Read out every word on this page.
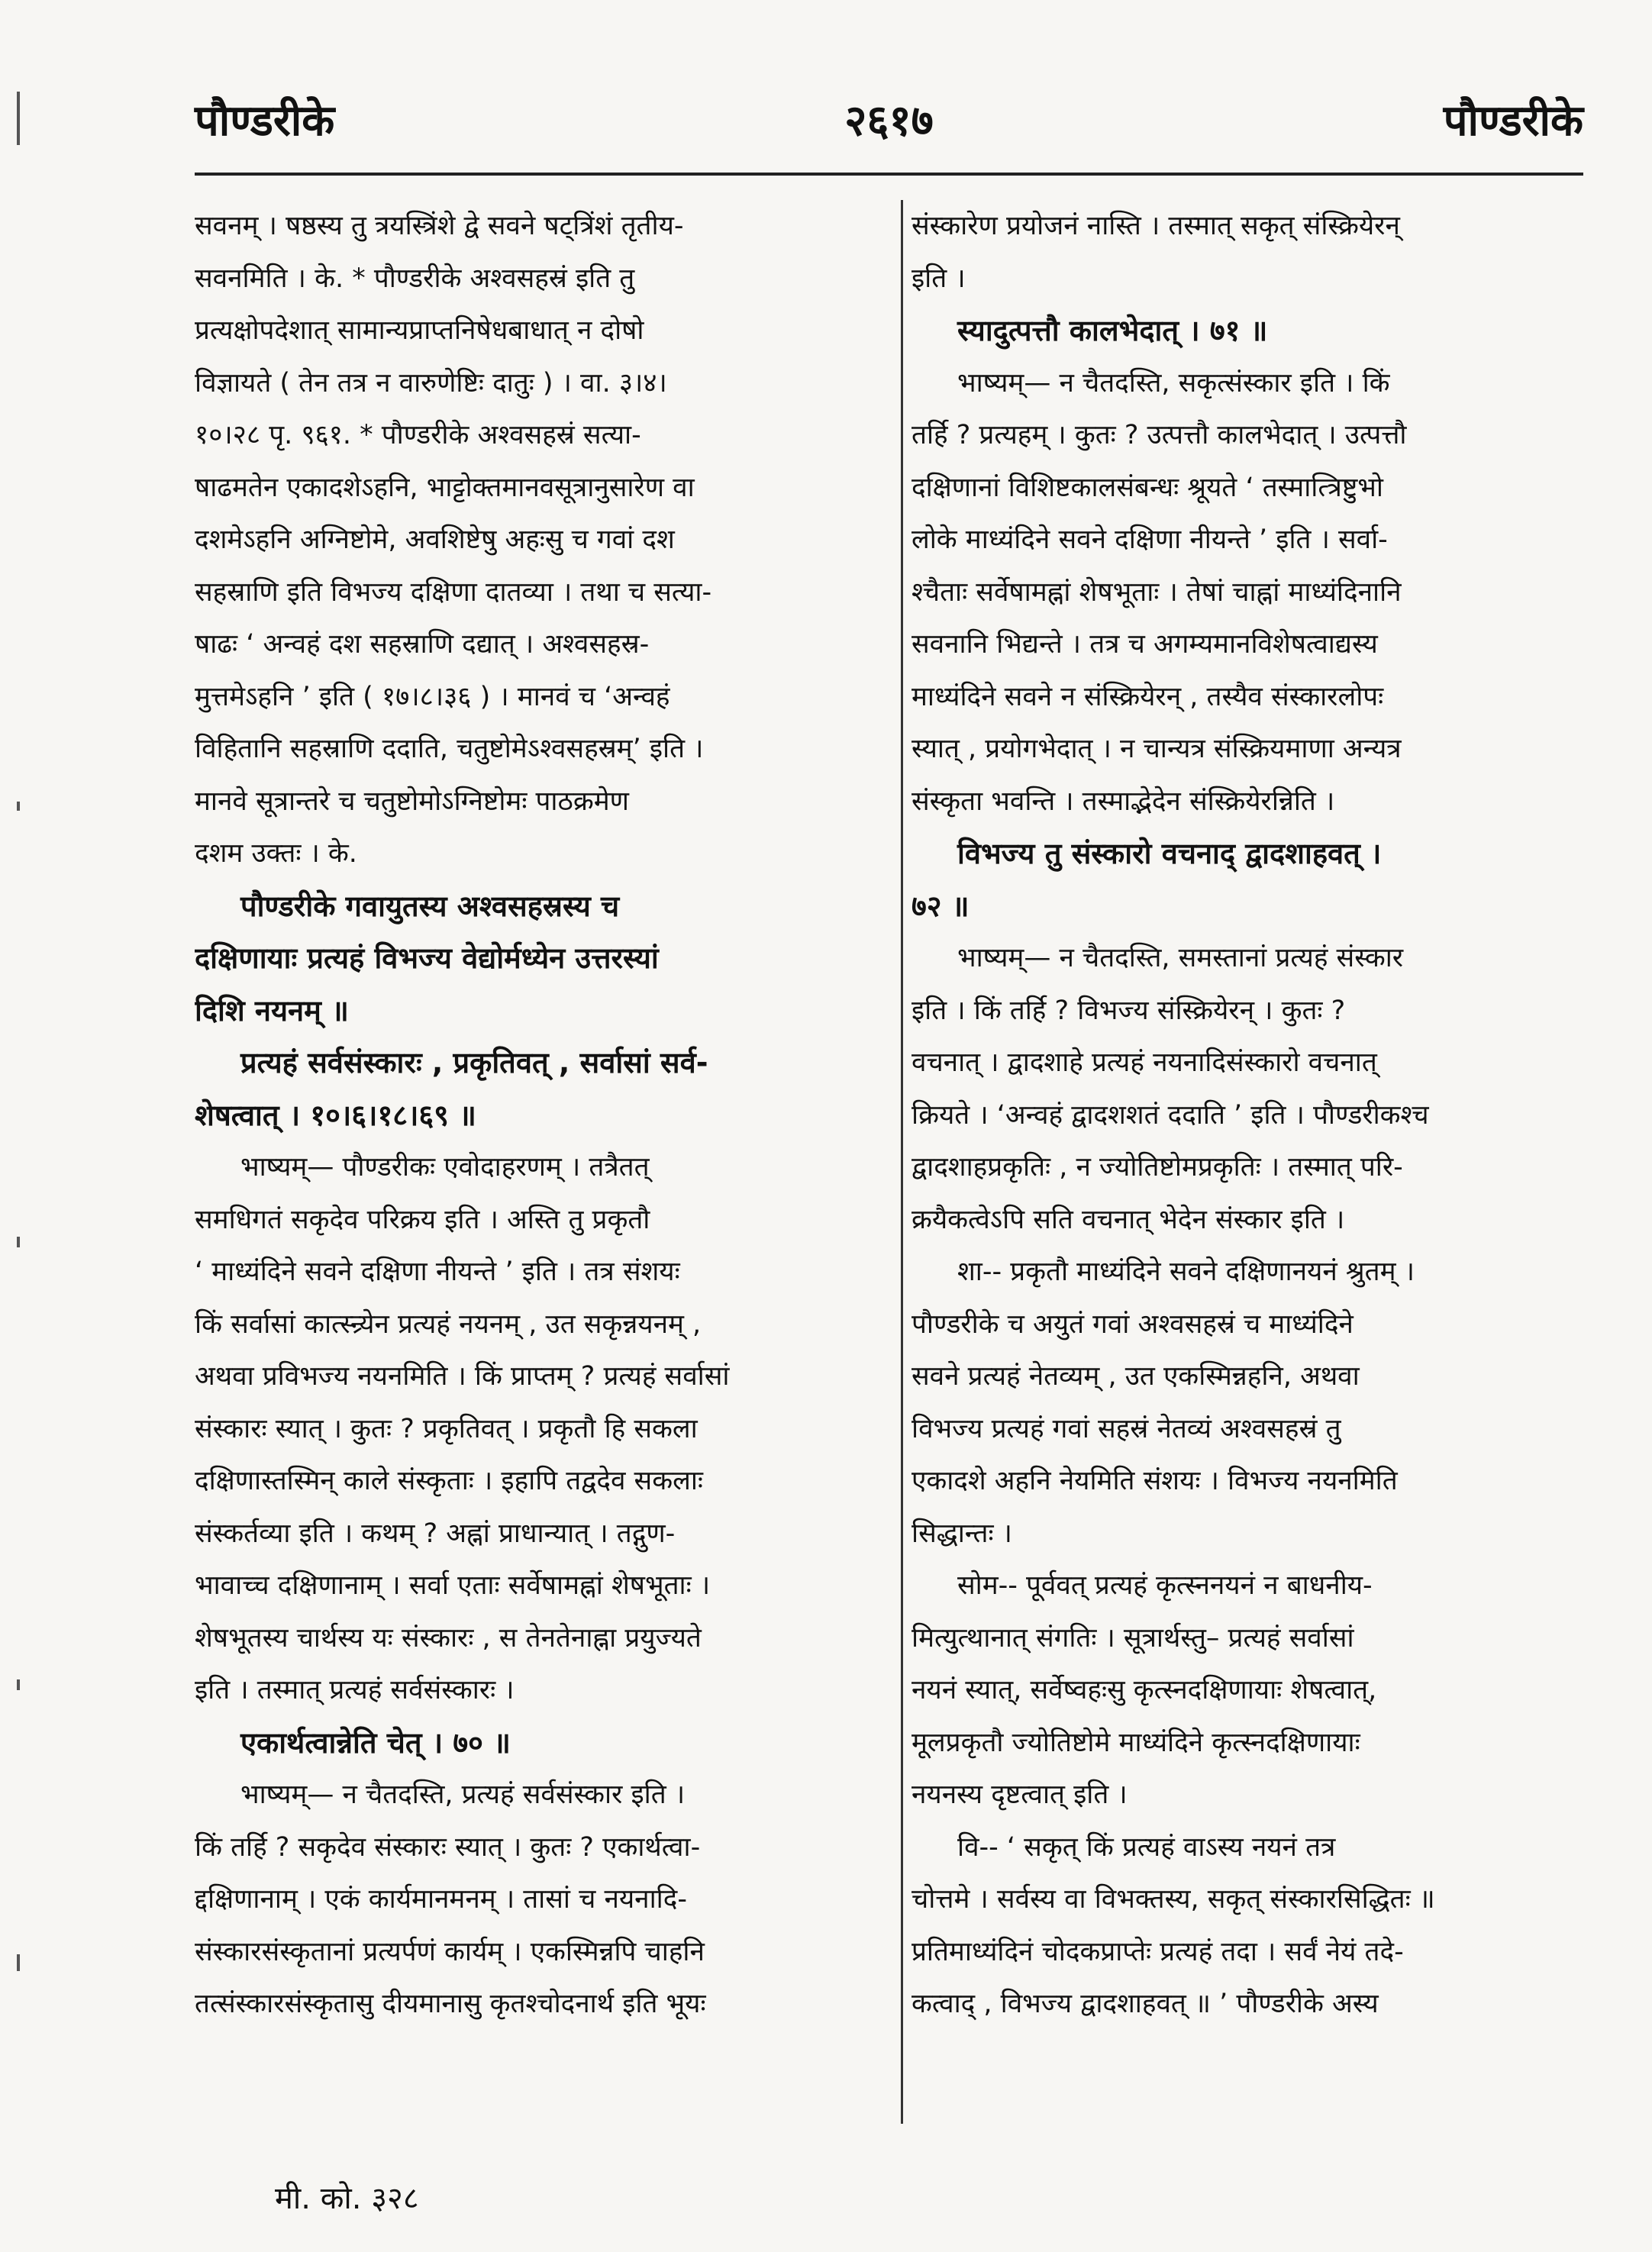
पौण्डरीके	२६१७	पौण्डरीके
सवनम् । षष्ठस्य तु त्रयस्त्रिंशे द्वे सवने षट्त्रिंशं तृतीय-
सवनमिति । के. * पौण्डरीके अश्वसहस्रं इति तु
प्रत्यक्षोपदेशात् सामान्यप्राप्तनिषेधबाधात् न दोषो
विज्ञायते ( तेन तत्र न वारुणेष्टिः दातुः ) । वा. ३।४।
१०।२८ पृ. ९६१. * पौण्डरीके अश्वसहस्रं सत्या-
षाढमतेन एकादशेऽहनि, भाट्टोक्तमानवसूत्रानुसारेण वा
दशमेऽहनि अग्निष्टोमे, अवशिष्टेषु अहःसु च गवां दश
सहस्राणि इति विभज्य दक्षिणा दातव्या । तथा च सत्या-
षाढः ‘ अन्वहं दश सहस्राणि दद्यात् । अश्वसहस्र-
मुत्तमेऽहनि ’ इति ( १७।८।३६ ) । मानवं च ‘अन्वहं
विहितानि सहस्राणि ददाति, चतुष्टोमेऽश्वसहस्रम्’ इति ।
मानवे सूत्रान्तरे च चतुष्टोमोऽग्निष्टोमः पाठक्रमेण
दशम उक्तः । के.
पौण्डरीके गवायुतस्य अश्वसहस्रस्य च
दक्षिणायाः प्रत्यहं विभज्य वेद्योर्मध्येन उत्तरस्यां
दिशि नयनम् ॥
प्रत्यहं सर्वसंस्कारः , प्रकृतिवत् , सर्वासां सर्व-
शेषत्वात् । १०।६।१८।६९ ॥
भाष्यम्— पौण्डरीकः एवोदाहरणम् । तत्रैतत्
समधिगतं सकृदेव परिक्रय इति । अस्ति तु प्रकृतौ
‘ माध्यंदिने सवने दक्षिणा नीयन्ते ’ इति । तत्र संशयः
किं सर्वासां कात्स्न्र्येन प्रत्यहं नयनम् , उत सकृन्नयनम् ,
अथवा प्रविभज्य नयनमिति । किं प्राप्तम् ? प्रत्यहं सर्वासां
संस्कारः स्यात् । कुतः ? प्रकृतिवत् । प्रकृतौ हि सकला
दक्षिणास्तस्मिन् काले संस्कृताः । इहापि तद्वदेव सकलाः
संस्कर्तव्या इति । कथम् ? अह्नां प्राधान्यात् । तद्गुण-
भावाच्च दक्षिणानाम् । सर्वा एताः सर्वेषामह्नां शेषभूताः ।
शेषभूतस्य चार्थस्य यः संस्कारः , स तेनतेनाह्ना प्रयुज्यते
इति । तस्मात् प्रत्यहं सर्वसंस्कारः ।
एकार्थत्वान्नेति चेत् । ७० ॥
भाष्यम्— न चैतदस्ति, प्रत्यहं सर्वसंस्कार इति ।
किं तर्हि ? सकृदेव संस्कारः स्यात् । कुतः ? एकार्थत्वा-
द्दक्षिणानाम् । एकं कार्यमानमनम् । तासां च नयनादि-
संस्कारसंस्कृतानां प्रत्यर्पणं कार्यम् । एकस्मिन्नपि चाहनि
तत्संस्कारसंस्कृतासु दीयमानासु कृतश्चोदनार्थ इति भूयः
संस्कारेण प्रयोजनं नास्ति । तस्मात् सकृत् संस्क्रियेरन्
इति ।
स्यादुत्पत्तौ कालभेदात् । ७१ ॥
भाष्यम्— न चैतदस्ति, सकृत्संस्कार इति । किं
तर्हि ? प्रत्यहम् । कुतः ? उत्पत्तौ कालभेदात् । उत्पत्तौ
दक्षिणानां विशिष्टकालसंबन्धः श्रूयते ‘ तस्मात्त्रिष्टुभो
लोके माध्यंदिने सवने दक्षिणा नीयन्ते ’ इति । सर्वा-
श्चैताः सर्वेषामह्नां शेषभूताः । तेषां चाह्नां माध्यंदिनानि
सवनानि भिद्यन्ते । तत्र च अगम्यमानविशेषत्वाद्यस्य
माध्यंदिने सवने न संस्क्रियेरन् , तस्यैव संस्कारलोपः
स्यात् , प्रयोगभेदात् । न चान्यत्र संस्क्रियमाणा अन्यत्र
संस्कृता भवन्ति । तस्माद्भेदेन संस्क्रियेरन्निति ।
विभज्य तु संस्कारो वचनाद् द्वादशाहवत् ।
७२ ॥
भाष्यम्— न चैतदस्ति, समस्तानां प्रत्यहं संस्कार
इति । किं तर्हि ? विभज्य संस्क्रियेरन् । कुतः ?
वचनात् । द्वादशाहे प्रत्यहं नयनादिसंस्कारो वचनात्
क्रियते । ‘अन्वहं द्वादशशतं ददाति ’ इति । पौण्डरीकश्च
द्वादशाहप्रकृतिः , न ज्योतिष्टोमप्रकृतिः । तस्मात् परि-
क्रयैकत्वेऽपि सति वचनात् भेदेन संस्कार इति ।
शा-- प्रकृतौ माध्यंदिने सवने दक्षिणानयनं श्रुतम् ।
पौण्डरीके च अयुतं गवां अश्वसहस्रं च माध्यंदिने
सवने प्रत्यहं नेतव्यम् , उत एकस्मिन्नहनि, अथवा
विभज्य प्रत्यहं गवां सहस्रं नेतव्यं अश्वसहस्रं तु
एकादशे अहनि नेयमिति संशयः । विभज्य नयनमिति
सिद्धान्तः ।
सोम-- पूर्ववत् प्रत्यहं कृत्स्ननयनं न बाधनीय-
मित्युत्थानात् संगतिः । सूत्रार्थस्तु– प्रत्यहं सर्वासां
नयनं स्यात्, सर्वेष्वहःसु कृत्स्नदक्षिणायाः शेषत्वात्,
मूलप्रकृतौ ज्योतिष्टोमे माध्यंदिने कृत्स्नदक्षिणायाः
नयनस्य दृष्टत्वात् इति ।
वि-- ‘ सकृत् किं प्रत्यहं वाऽस्य नयनं तत्र
चोत्तमे । सर्वस्य वा विभक्तस्य, सकृत् संस्कारसिद्धितः ॥
प्रतिमाध्यंदिनं चोदकप्राप्तेः प्रत्यहं तदा । सर्वं नेयं तदे-
कत्वाद् , विभज्य द्वादशाहवत् ॥ ’ पौण्डरीके अस्य
मी. को. ३२८
